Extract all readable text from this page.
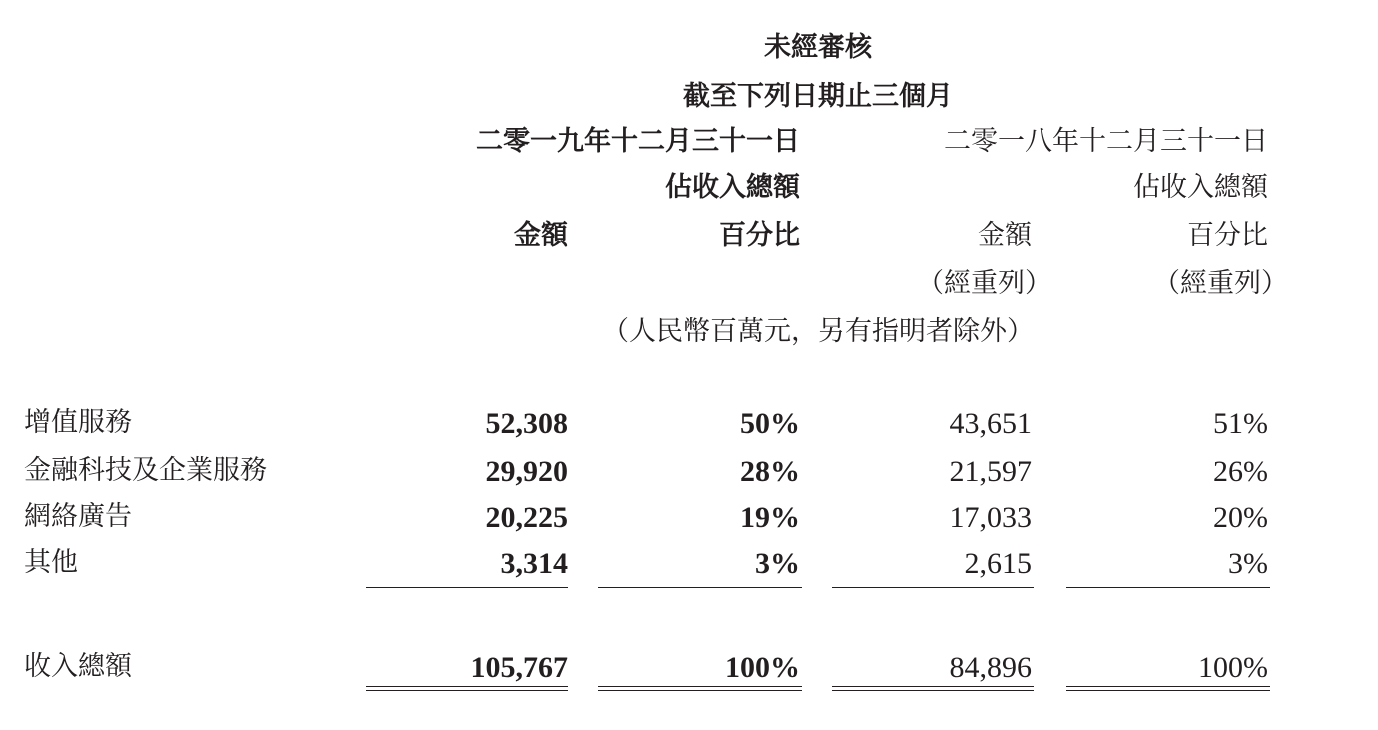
未經審核
截至下列日期止三個月
二零一九年十二月三十一日	二零一八年十二月三十一日
佔收入總額	佔收入總額
金額	百分比	金額	百分比
（經重列）	（經重列）
（人民幣百萬元，另有指明者除外）
增值服務	52,308	50%	43,651	51%
金融科技及企業服務	29,920	28%	21,597	26%
網絡廣告	20,225	19%	17,033	20%
其他	3,314	3%	2,615	3%
收入總額	105,767	100%	84,896	100%
